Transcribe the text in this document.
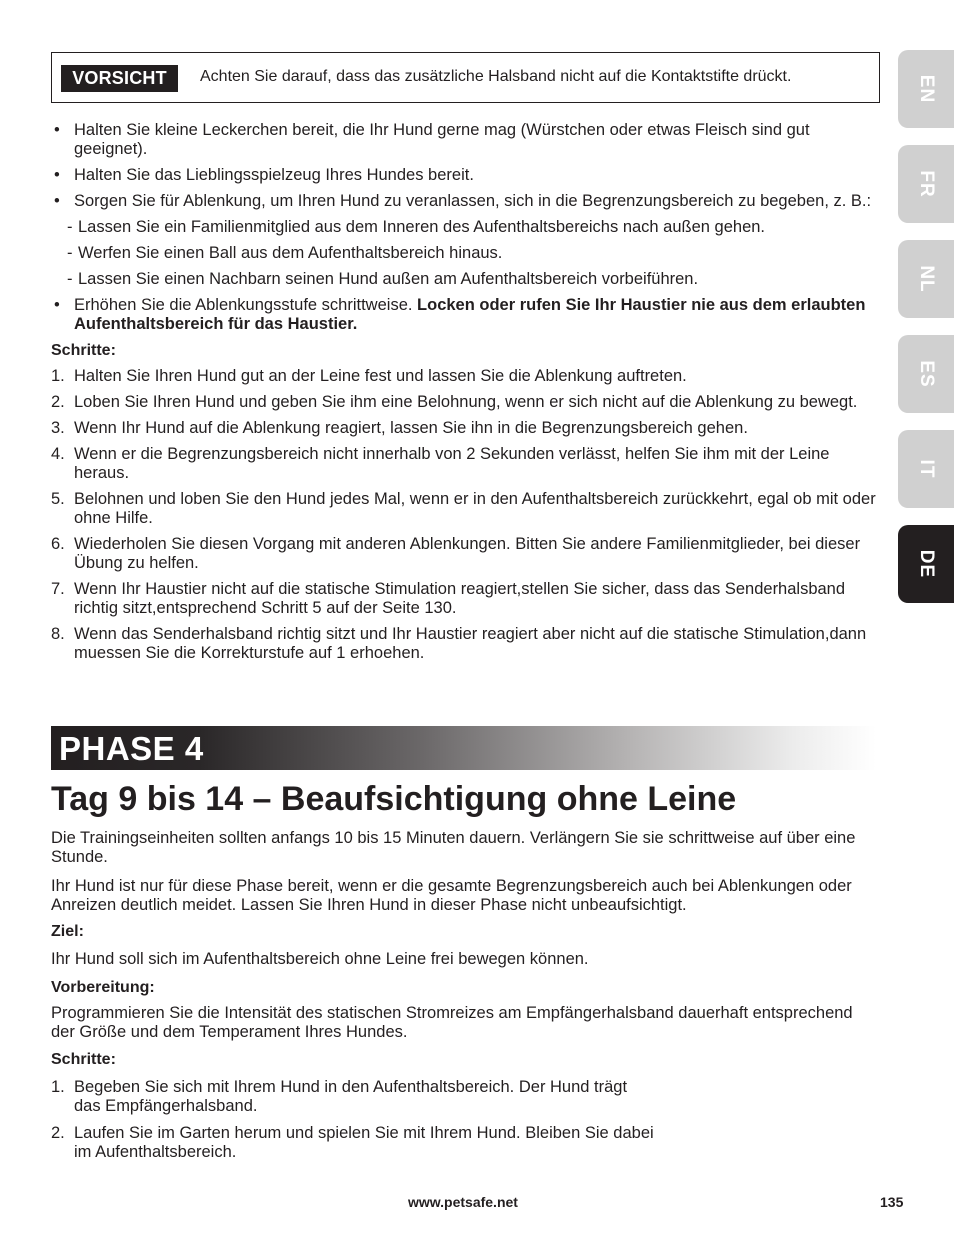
VORSICHT	Achten Sie darauf, dass das zusätzliche Halsband nicht auf die Kontaktstifte drückt.
• Halten Sie kleine Leckerchen bereit, die Ihr Hund gerne mag (Würstchen oder etwas Fleisch sind gut geeignet).
• Halten Sie das Lieblingsspielzeug Ihres Hundes bereit.
• Sorgen Sie für Ablenkung, um Ihren Hund zu veranlassen, sich in die Begrenzungsbereich zu begeben, z. B.:
- Lassen Sie ein Familienmitglied aus dem Inneren des Aufenthaltsbereichs nach außen gehen.
- Werfen Sie einen Ball aus dem Aufenthaltsbereich hinaus.
- Lassen Sie einen Nachbarn seinen Hund außen am Aufenthaltsbereich vorbeiführen.
• Erhöhen Sie die Ablenkungsstufe schrittweise. Locken oder rufen Sie Ihr Haustier nie aus dem erlaubten Aufenthaltsbereich für das Haustier.
Schritte:
1. Halten Sie Ihren Hund gut an der Leine fest und lassen Sie die Ablenkung auftreten.
2. Loben Sie Ihren Hund und geben Sie ihm eine Belohnung, wenn er sich nicht auf die Ablenkung zu bewegt.
3. Wenn Ihr Hund auf die Ablenkung reagiert, lassen Sie ihn in die Begrenzungsbereich gehen.
4. Wenn er die Begrenzungsbereich nicht innerhalb von 2 Sekunden verlässt, helfen Sie ihm mit der Leine heraus.
5. Belohnen und loben Sie den Hund jedes Mal, wenn er in den Aufenthaltsbereich zurückkehrt, egal ob mit oder ohne Hilfe.
6. Wiederholen Sie diesen Vorgang mit anderen Ablenkungen. Bitten Sie andere Familienmitglieder, bei dieser Übung zu helfen.
7. Wenn Ihr Haustier nicht auf die statische Stimulation reagiert,stellen Sie sicher, dass das Senderhalsband richtig sitzt,entsprechend Schritt 5 auf der Seite 130.
8. Wenn das Senderhalsband richtig sitzt und Ihr Haustier reagiert aber nicht auf die statische Stimulation,dann muessen Sie die Korrekturstufe auf 1 erhoehen.
PHASE 4
Tag 9 bis 14 – Beaufsichtigung ohne Leine
Die Trainingseinheiten sollten anfangs 10 bis 15 Minuten dauern. Verlängern Sie sie schrittweise auf über eine Stunde.
Ihr Hund ist nur für diese Phase bereit, wenn er die gesamte Begrenzungsbereich auch bei Ablenkungen oder Anreizen deutlich meidet. Lassen Sie Ihren Hund in dieser Phase nicht unbeaufsichtigt.
Ziel:
Ihr Hund soll sich im Aufenthaltsbereich ohne Leine frei bewegen können.
Vorbereitung:
Programmieren Sie die Intensität des statischen Stromreizes am Empfängerhalsband dauerhaft entsprechend der Größe und dem Temperament Ihres Hundes.
Schritte:
1. Begeben Sie sich mit Ihrem Hund in den Aufenthaltsbereich. Der Hund trägt
das Empfängerhalsband.
2. Laufen Sie im Garten herum und spielen Sie mit Ihrem Hund. Bleiben Sie dabei
im Aufenthaltsbereich.
www.petsafe.net	135
EN
FR
NL
ES
IT
DE
